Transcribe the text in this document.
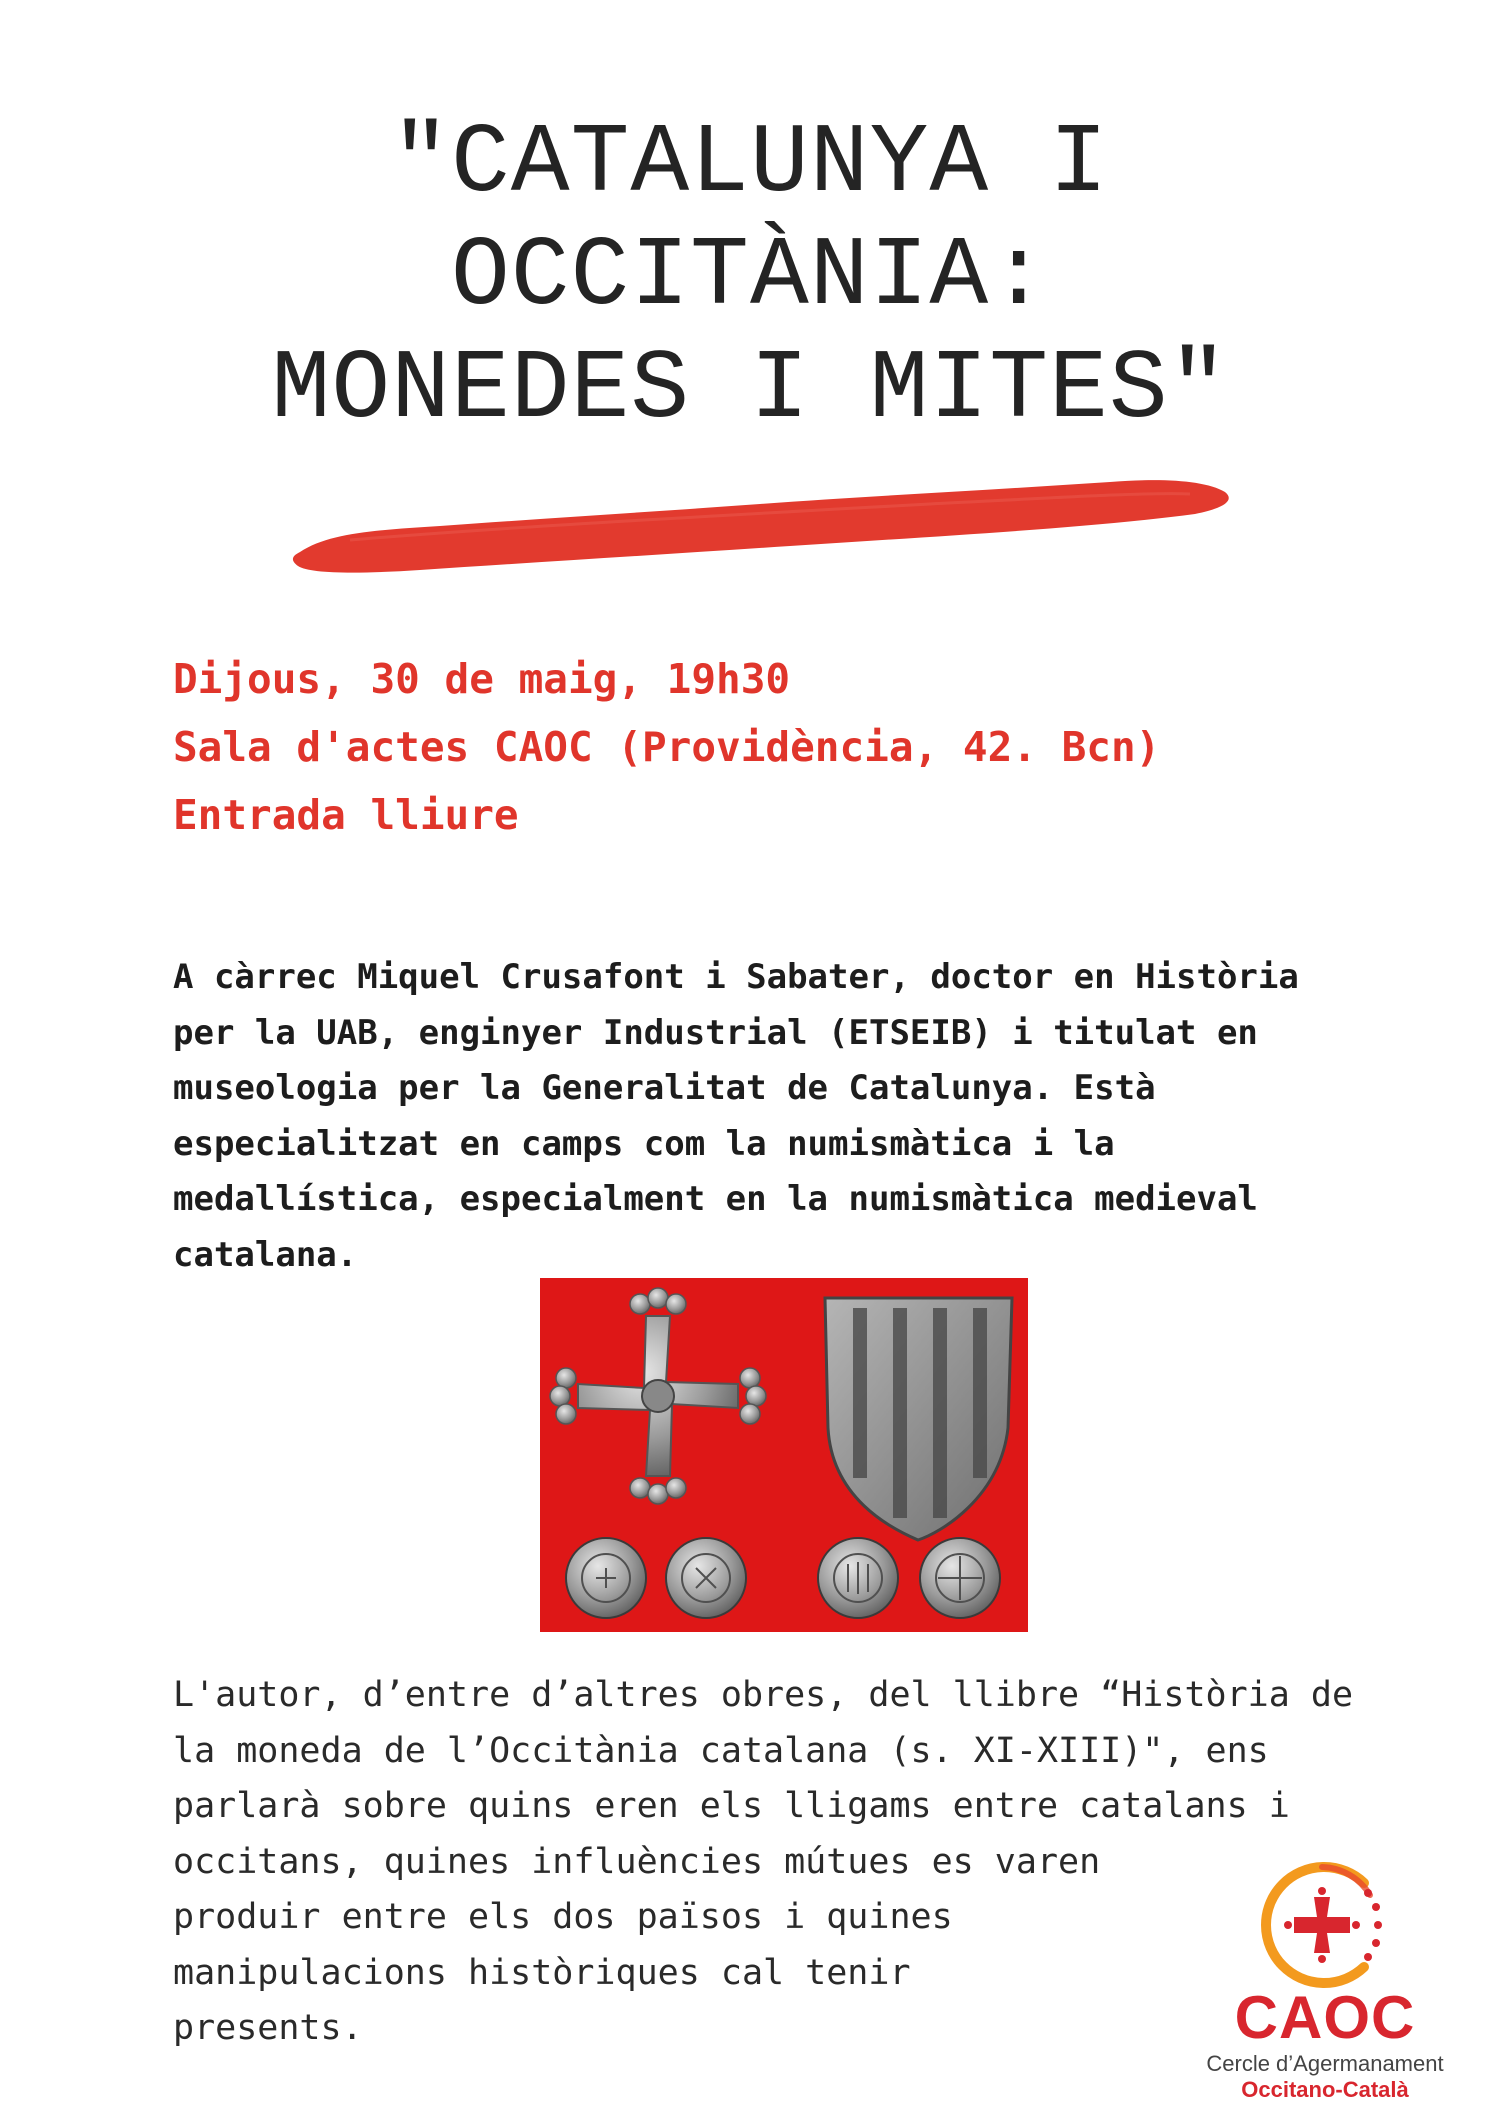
"CATALUNYA I
OCCITÀNIA:
MONEDES I MITES"
Dijous, 30 de maig, 19h30
Sala d'actes CAOC (Providència, 42. Bcn)
Entrada lliure
A càrrec Miquel Crusafont i Sabater, doctor en Història
per la UAB, enginyer Industrial (ETSEIB) i titulat en
museologia per la Generalitat de Catalunya. Està
especialitzat en camps com la numismàtica i la
medallística, especialment en la numismàtica medieval
catalana.
L'autor, d’entre d’altres obres, del llibre “Història de
la moneda de l’Occitània catalana (s. XI-XIII)", ens
parlarà sobre quins eren els lligams entre catalans i
occitans, quines influències mútues es varen
produir entre els dos països i quines
manipulacions històriques cal tenir
presents.	CAOC
Cercle d’Agermanament
Occitano-Català
